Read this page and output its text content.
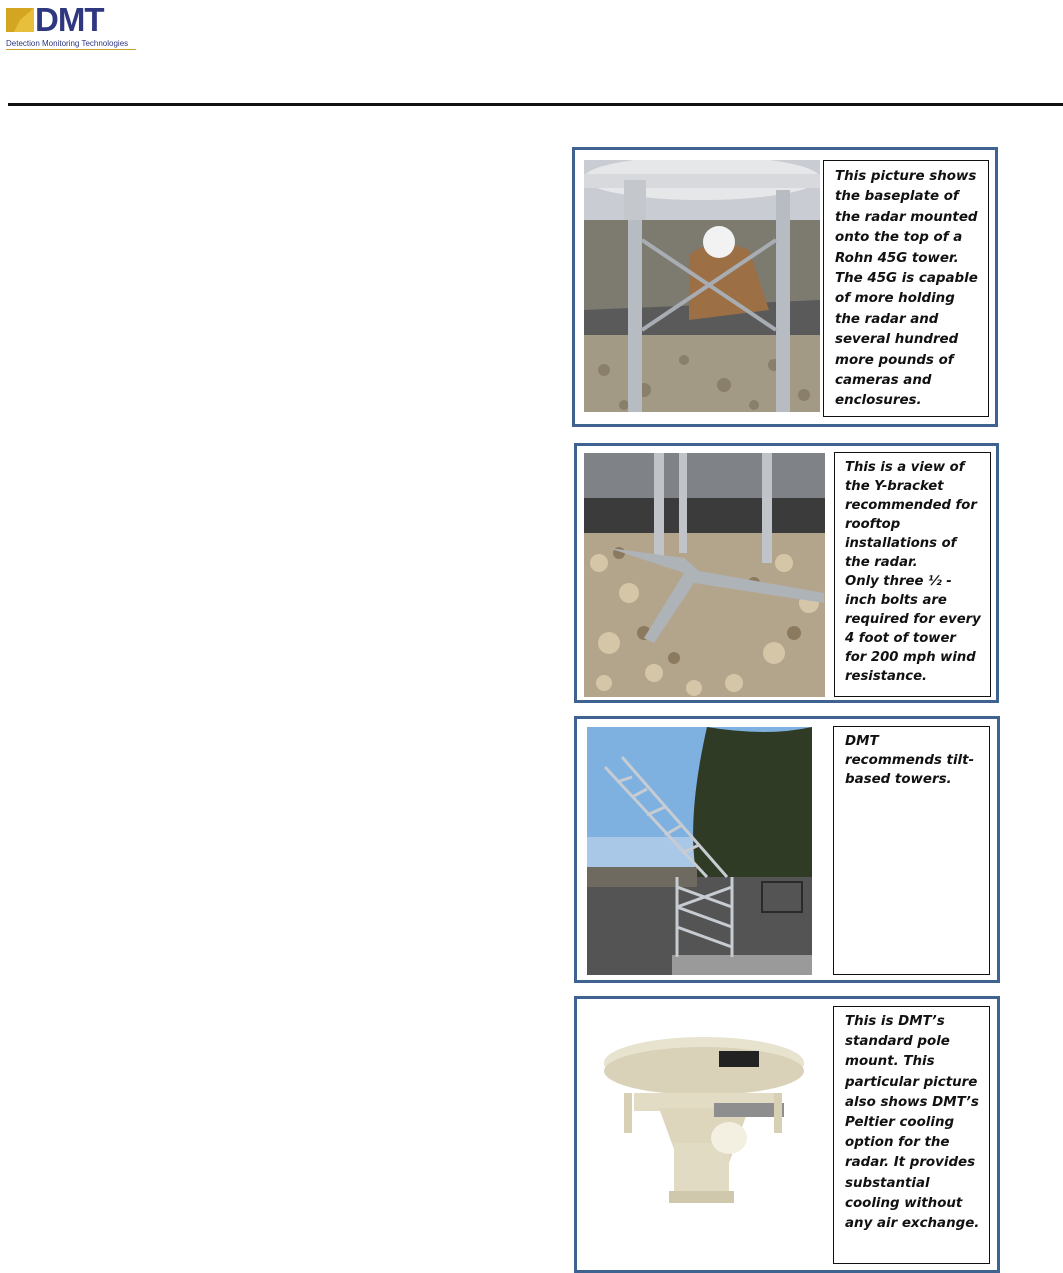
DMT
Detection Monitoring Technologies
This picture shows
the baseplate of
the radar mounted
onto the top of a
Rohn 45G tower.
The 45G is capable
of more holding
the radar and
several hundred
more pounds of
cameras and
enclosures.
This is a view of
the Y-bracket
recommended for
rooftop
installations of
the radar.
Only three ½ -
inch bolts are
required for every
4 foot of tower
for 200 mph wind
resistance.
DMT
recommends tilt-
based towers.
This is DMT’s
standard pole
mount. This
particular picture
also shows DMT’s
Peltier cooling
option for the
radar. It provides
substantial
cooling without
any air exchange.
